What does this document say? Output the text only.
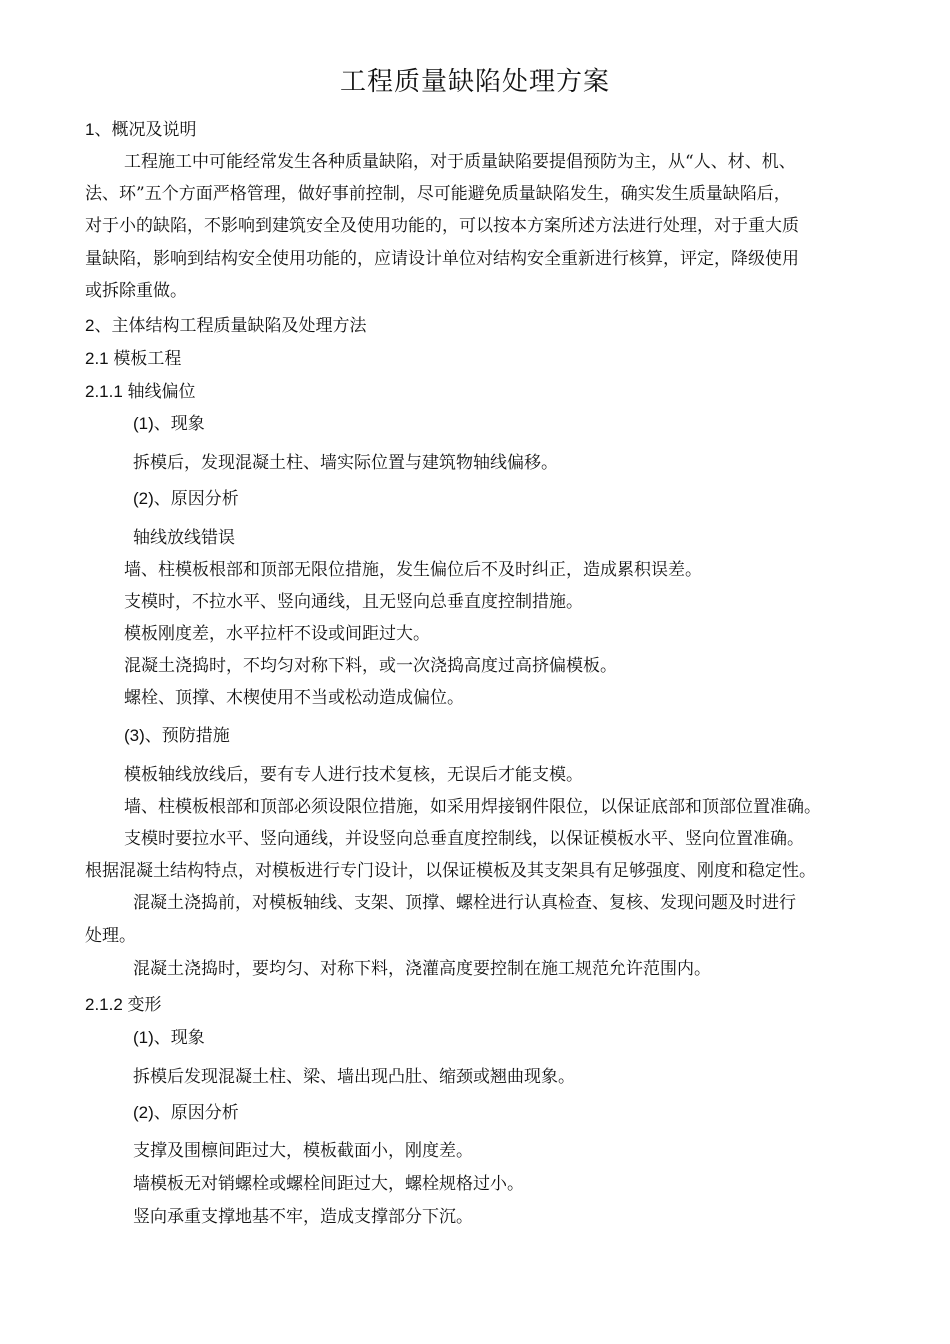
工程质量缺陷处理方案
1、概况及说明
工程施工中可能经常发生各种质量缺陷，对于质量缺陷要提倡预防为主，从“人、材、机、
法、环”五个方面严格管理，做好事前控制，尽可能避免质量缺陷发生，确实发生质量缺陷后，
对于小的缺陷，不影响到建筑安全及使用功能的，可以按本方案所述方法进行处理，对于重大质
量缺陷，影响到结构安全使用功能的，应请设计单位对结构安全重新进行核算，评定，降级使用
或拆除重做。
2、主体结构工程质量缺陷及处理方法
2.1 模板工程
2.1.1 轴线偏位
(1)、现象
拆模后，发现混凝土柱、墙实际位置与建筑物轴线偏移。
(2)、原因分析
轴线放线错误
墙、柱模板根部和顶部无限位措施，发生偏位后不及时纠正，造成累积误差。
支模时，不拉水平、竖向通线，且无竖向总垂直度控制措施。
模板刚度差，水平拉杆不设或间距过大。
混凝土浇捣时，不均匀对称下料，或一次浇捣高度过高挤偏模板。
螺栓、顶撑、木楔使用不当或松动造成偏位。
(3)、预防措施
模板轴线放线后，要有专人进行技术复核，无误后才能支模。
墙、柱模板根部和顶部必须设限位措施，如采用焊接钢件限位，以保证底部和顶部位置准确。
支模时要拉水平、竖向通线，并设竖向总垂直度控制线，以保证模板水平、竖向位置准确。
根据混凝土结构特点，对模板进行专门设计，以保证模板及其支架具有足够强度、刚度和稳定性。
混凝土浇捣前，对模板轴线、支架、顶撑、螺栓进行认真检查、复核、发现问题及时进行
处理。
混凝土浇捣时，要均匀、对称下料，浇灌高度要控制在施工规范允许范围内。
2.1.2 变形
(1)、现象
拆模后发现混凝土柱、梁、墙出现凸肚、缩颈或翘曲现象。
(2)、原因分析
支撑及围檩间距过大，模板截面小，刚度差。
墙模板无对销螺栓或螺栓间距过大，螺栓规格过小。
竖向承重支撑地基不牢，造成支撑部分下沉。
